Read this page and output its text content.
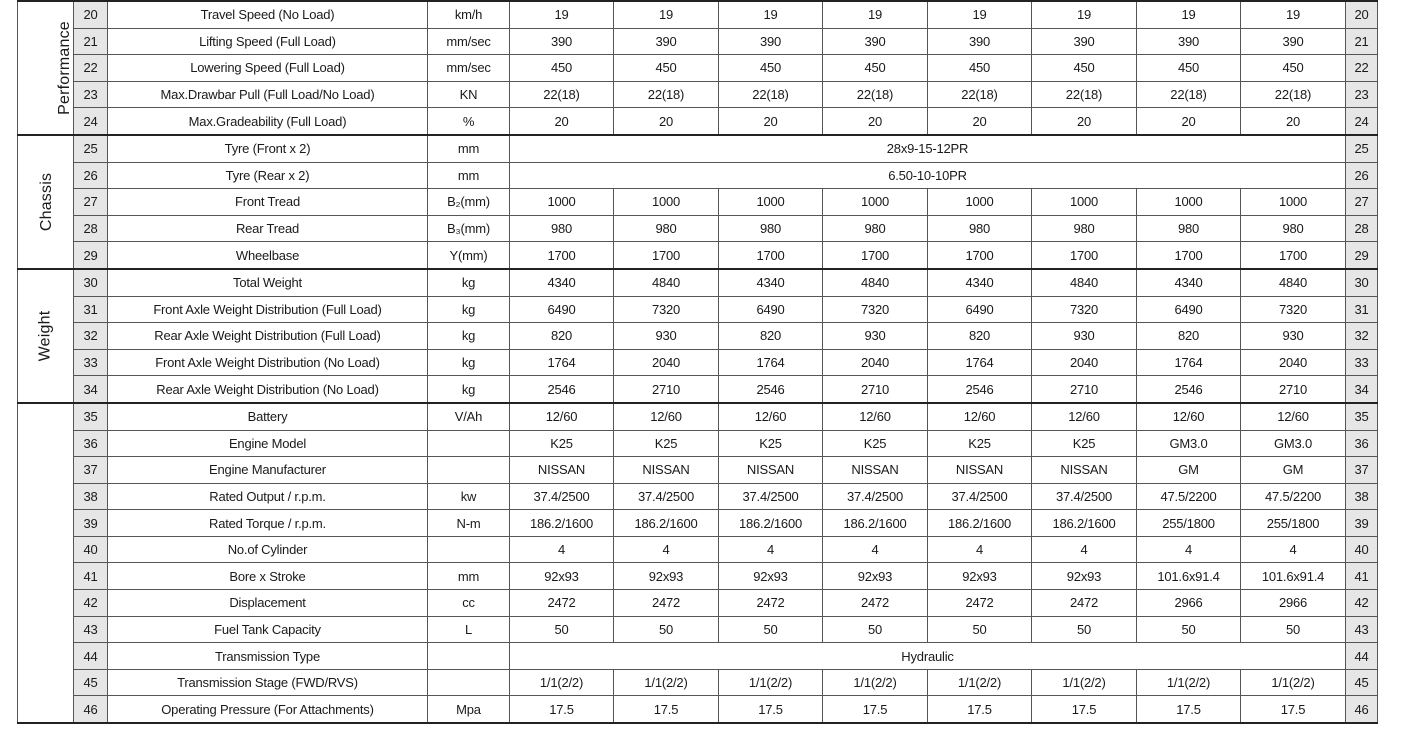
Performance	20	Travel Speed (No Load)	km/h	19	19	19	19	19	19	19	19	20
	21	Lifting Speed (Full Load)	mm/sec	390	390	390	390	390	390	390	390	21
	22	Lowering Speed (Full Load)	mm/sec	450	450	450	450	450	450	450	450	22
	23	Max.Drawbar Pull (Full Load/No Load)	KN	22(18)	22(18)	22(18)	22(18)	22(18)	22(18)	22(18)	22(18)	23
	24	Max.Gradeability (Full Load)	%	20	20	20	20	20	20	20	20	24
Chassis	25	Tyre (Front x 2)	mm	28x9-15-12PR								25
	26	Tyre (Rear x 2)	mm	6.50-10-10PR								26
	27	Front Tread	B₂(mm)	1000	1000	1000	1000	1000	1000	1000	1000	27
	28	Rear Tread	B₃(mm)	980	980	980	980	980	980	980	980	28
	29	Wheelbase	Y(mm)	1700	1700	1700	1700	1700	1700	1700	1700	29
Weight	30	Total Weight	kg	4340	4840	4340	4840	4340	4840	4340	4840	30
	31	Front Axle Weight Distribution (Full Load)	kg	6490	7320	6490	7320	6490	7320	6490	7320	31
	32	Rear Axle Weight Distribution (Full Load)	kg	820	930	820	930	820	930	820	930	32
	33	Front Axle Weight Distribution (No Load)	kg	1764	2040	1764	2040	1764	2040	1764	2040	33
	34	Rear Axle Weight Distribution (No Load)	kg	2546	2710	2546	2710	2546	2710	2546	2710	34
	35	Battery	V/Ah	12/60	12/60	12/60	12/60	12/60	12/60	12/60	12/60	35
	36	Engine Model		K25	K25	K25	K25	K25	K25	GM3.0	GM3.0	36
	37	Engine Manufacturer		NISSAN	NISSAN	NISSAN	NISSAN	NISSAN	NISSAN	GM	GM	37
	38	Rated Output / r.p.m.	kw	37.4/2500	37.4/2500	37.4/2500	37.4/2500	37.4/2500	37.4/2500	47.5/2200	47.5/2200	38
	39	Rated Torque / r.p.m.	N-m	186.2/1600	186.2/1600	186.2/1600	186.2/1600	186.2/1600	186.2/1600	255/1800	255/1800	39
	40	No.of Cylinder		4	4	4	4	4	4	4	4	40
	41	Bore x Stroke	mm	92x93	92x93	92x93	92x93	92x93	92x93	101.6x91.4	101.6x91.4	41
	42	Displacement	cc	2472	2472	2472	2472	2472	2472	2966	2966	42
	43	Fuel Tank Capacity	L	50	50	50	50	50	50	50	50	43
	44	Transmission Type		Hydraulic								44
	45	Transmission Stage (FWD/RVS)		1/1(2/2)	1/1(2/2)	1/1(2/2)	1/1(2/2)	1/1(2/2)	1/1(2/2)	1/1(2/2)	1/1(2/2)	45
	46	Operating Pressure (For Attachments)	Mpa	17.5	17.5	17.5	17.5	17.5	17.5	17.5	17.5	46
